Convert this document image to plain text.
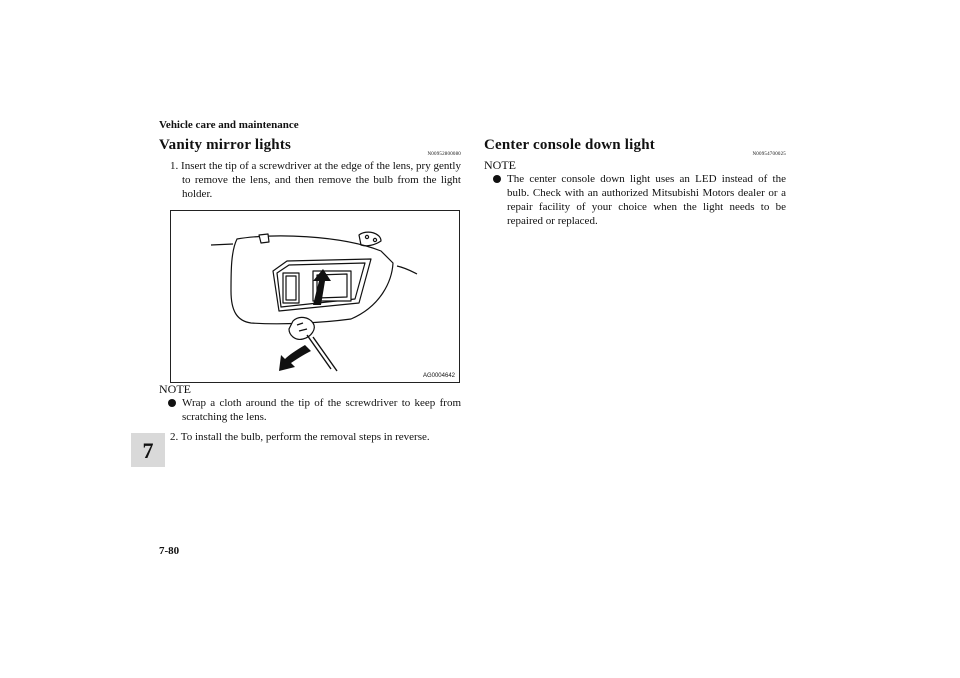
Vehicle care and maintenance
7
7-80
Vanity mirror lights
N00952800080
1. Insert the tip of a screwdriver at the edge of the lens, pry gently to remove the lens, and then remove the bulb from the light holder.
AG0004642
NOTE
Wrap a cloth around the tip of the screwdriver to keep from scratching the lens.
2. To install the bulb, perform the removal steps in reverse.
Center console down light
N00954700025
NOTE
The center console down light uses an LED instead of the bulb. Check with an authorized Mitsubishi Motors dealer or a repair facility of your choice when the light needs to be repaired or replaced.
